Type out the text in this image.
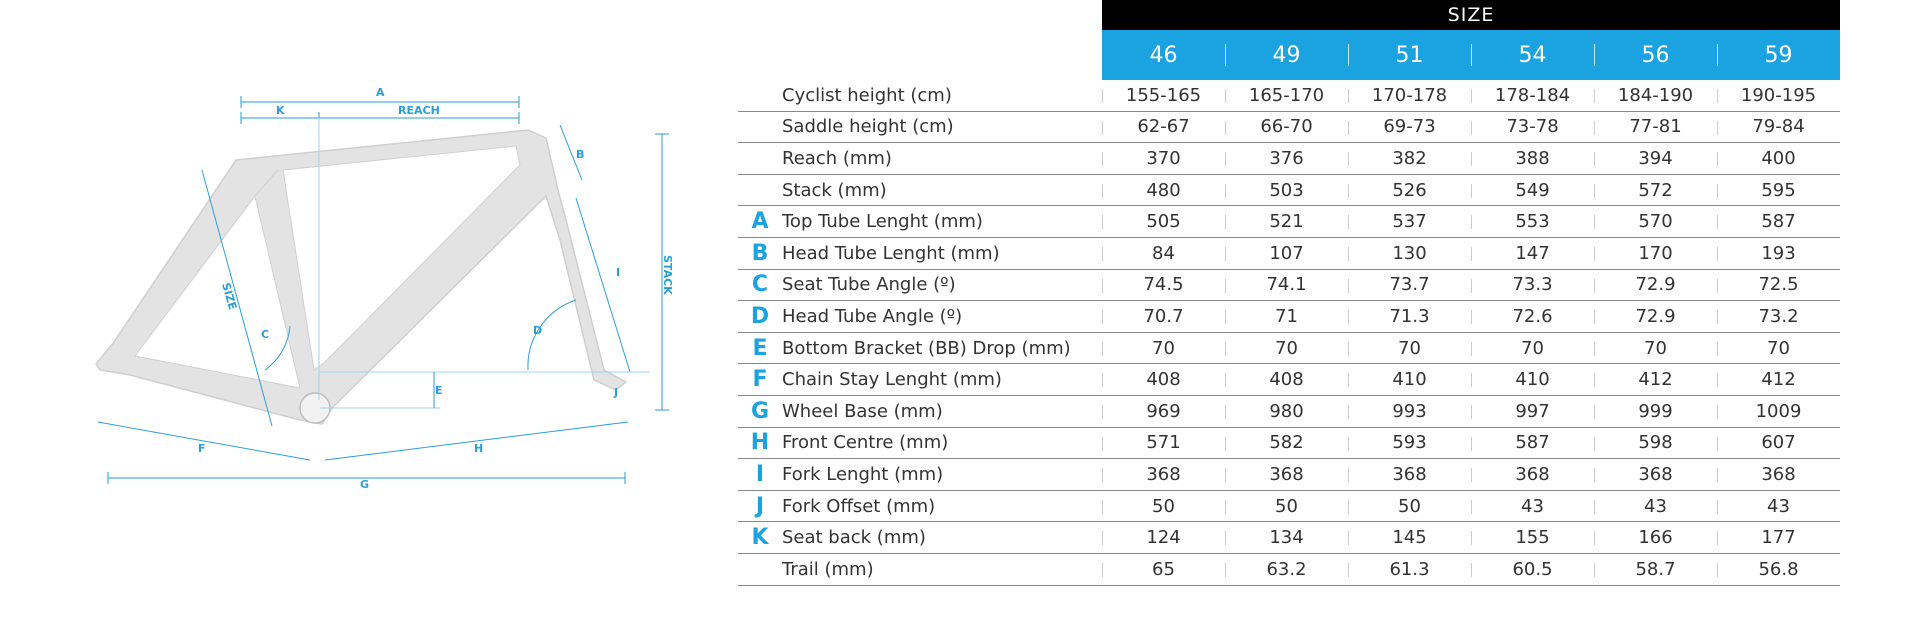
A
K	REACH
B
STACK
SIZE
C	D
E
I
J
F	H
G
		SIZE					
		46	49	51	54	56	59
	Cyclist height (cm)	155-165	165-170	170-178	178-184	184-190	190-195
	Saddle height (cm)	62-67	66-70	69-73	73-78	77-81	79-84
	Reach (mm)	370	376	382	388	394	400
	Stack (mm)	480	503	526	549	572	595
A	Top Tube Lenght (mm)	505	521	537	553	570	587
B	Head Tube Lenght (mm)	84	107	130	147	170	193
C	Seat Tube Angle (º)	74.5	74.1	73.7	73.3	72.9	72.5
D	Head Tube Angle (º)	70.7	71	71.3	72.6	72.9	73.2
E	Bottom Bracket (BB) Drop (mm)	70	70	70	70	70	70
F	Chain Stay Lenght (mm)	408	408	410	410	412	412
G	Wheel Base (mm)	969	980	993	997	999	1009
H	Front Centre (mm)	571	582	593	587	598	607
I	Fork Lenght (mm)	368	368	368	368	368	368
J	Fork Offset (mm)	50	50	50	43	43	43
K	Seat back (mm)	124	134	145	155	166	177
	Trail (mm)	65	63.2	61.3	60.5	58.7	56.8
